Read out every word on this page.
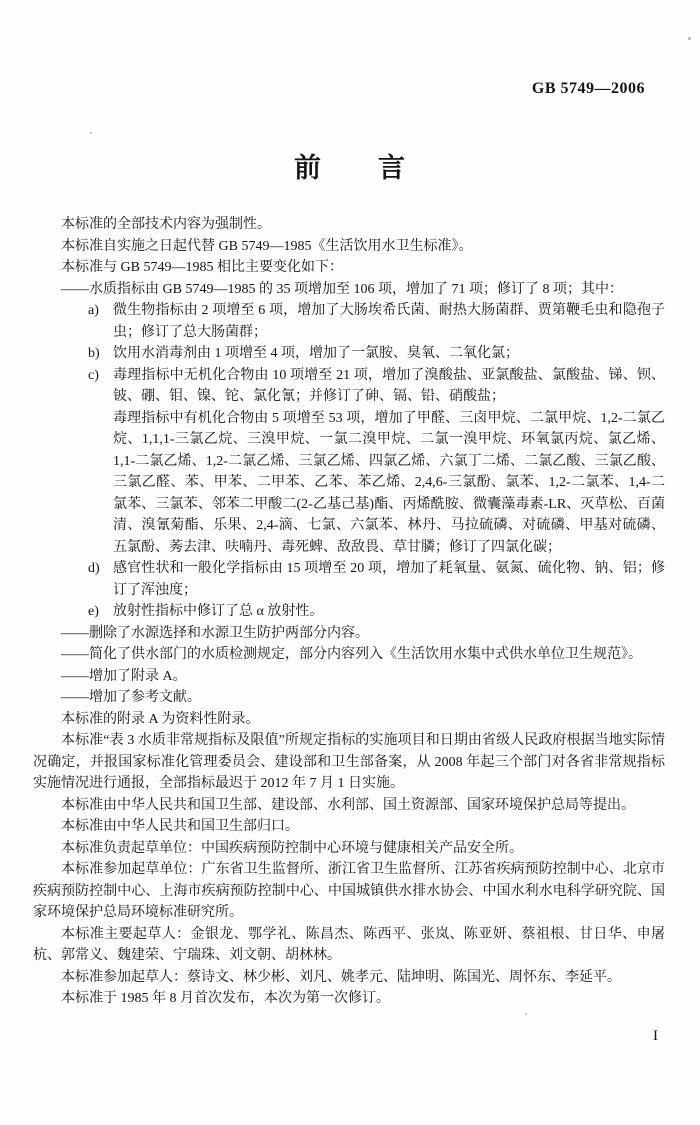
GB 5749—2006
前　　言
本标准的全部技术内容为强制性。
本标准自实施之日起代替 GB 5749—1985《生活饮用水卫生标准》。
本标准与 GB 5749—1985 相比主要变化如下：
——水质指标由 GB 5749—1985 的 35 项增加至 106 项，增加了 71 项；修订了 8 项；其中：
a) 微生物指标由 2 项增至 6 项，增加了大肠埃希氏菌、耐热大肠菌群、贾第鞭毛虫和隐孢子虫；修订了总大肠菌群；
b) 饮用水消毒剂由 1 项增至 4 项，增加了一氯胺、臭氧、二氧化氯；
c) 毒理指标中无机化合物由 10 项增至 21 项，增加了溴酸盐、亚氯酸盐、氯酸盐、锑、钡、铍、硼、钼、镍、铊、氯化氰；并修订了砷、镉、铅、硝酸盐；
毒理指标中有机化合物由 5 项增至 53 项，增加了甲醛、三卤甲烷、二氯甲烷、1,2-二氯乙烷、1,1,1-三氯乙烷、三溴甲烷、一氯二溴甲烷、二氯一溴甲烷、环氧氯丙烷、氯乙烯、1,1-二氯乙烯、1,2-二氯乙烯、三氯乙烯、四氯乙烯、六氯丁二烯、二氯乙酸、三氯乙酸、三氯乙醛、苯、甲苯、二甲苯、乙苯、苯乙烯、2,4,6-三氯酚、氯苯、1,2-二氯苯、1,4-二氯苯、三氯苯、邻苯二甲酸二(2-乙基己基)酯、丙烯酰胺、微囊藻毒素-LR、灭草松、百菌清、溴氰菊酯、乐果、2,4-滴、七氯、六氯苯、林丹、马拉硫磷、对硫磷、甲基对硫磷、五氯酚、莠去津、呋喃丹、毒死蜱、敌敌畏、草甘膦；修订了四氯化碳；
d) 感官性状和一般化学指标由 15 项增至 20 项，增加了耗氧量、氨氮、硫化物、钠、铝；修订了浑浊度；
e) 放射性指标中修订了总 α 放射性。
——删除了水源选择和水源卫生防护两部分内容。
——简化了供水部门的水质检测规定，部分内容列入《生活饮用水集中式供水单位卫生规范》。
——增加了附录 A。
——增加了参考文献。
本标准的附录 A 为资料性附录。
本标准“表 3 水质非常规指标及限值”所规定指标的实施项目和日期由省级人民政府根据当地实际情况确定，并报国家标准化管理委员会、建设部和卫生部备案，从 2008 年起三个部门对各省非常规指标实施情况进行通报，全部指标最迟于 2012 年 7 月 1 日实施。
本标准由中华人民共和国卫生部、建设部、水利部、国土资源部、国家环境保护总局等提出。
本标准由中华人民共和国卫生部归口。
本标准负责起草单位：中国疾病预防控制中心环境与健康相关产品安全所。
本标准参加起草单位：广东省卫生监督所、浙江省卫生监督所、江苏省疾病预防控制中心、北京市疾病预防控制中心、上海市疾病预防控制中心、中国城镇供水排水协会、中国水利水电科学研究院、国家环境保护总局环境标准研究所。
本标准主要起草人：金银龙、鄂学礼、陈昌杰、陈西平、张岚、陈亚妍、蔡祖根、甘日华、申屠杭、郭常义、魏建荣、宁瑞珠、刘文朝、胡林林。
本标准参加起草人：蔡诗文、林少彬、刘凡、姚孝元、陆坤明、陈国光、周怀东、李延平。
本标准于 1985 年 8 月首次发布，本次为第一次修订。
I
